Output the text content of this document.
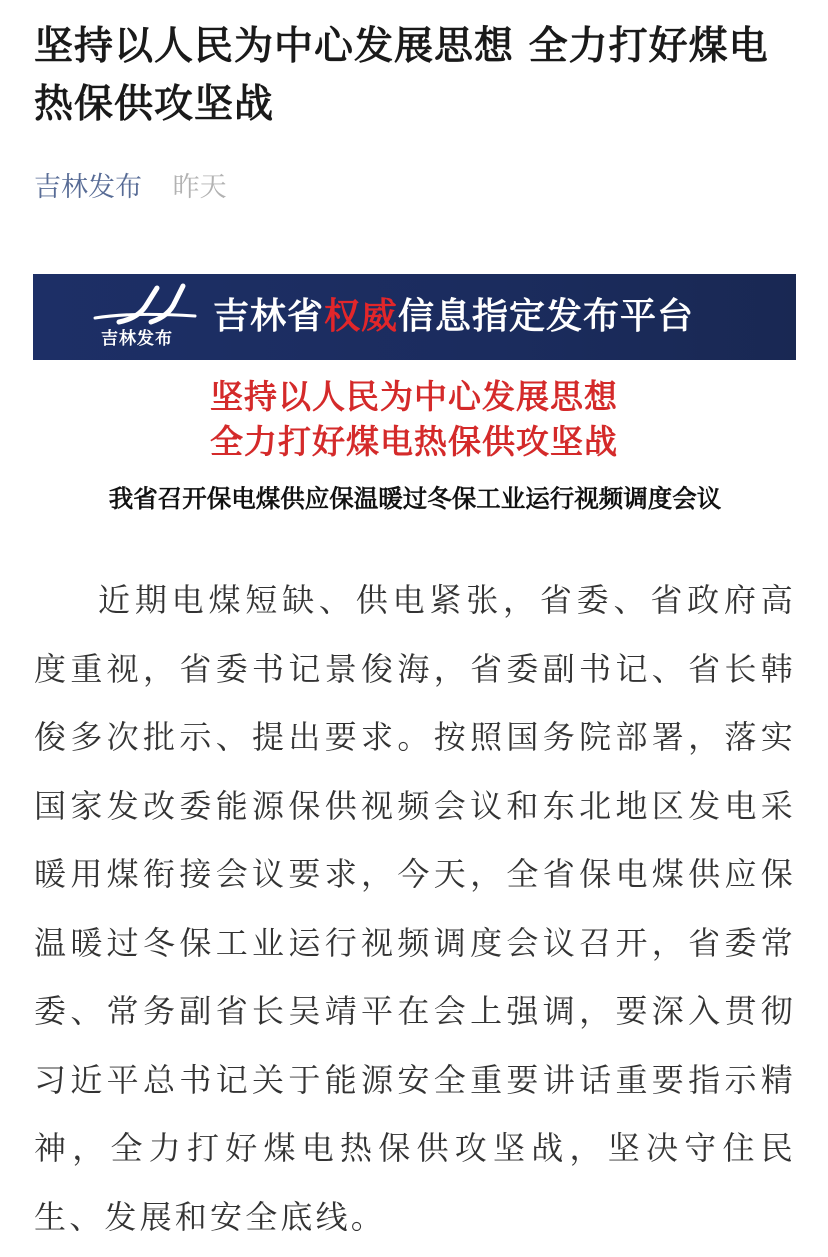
坚持以人民为中心发展思想 全力打好煤电热保供攻坚战
吉林发布 昨天
吉林发布
吉林省权威信息指定发布平台
坚持以人民为中心发展思想
全力打好煤电热保供攻坚战
我省召开保电煤供应保温暖过冬保工业运行视频调度会议

近期电煤短缺、供电紧张，省委、省政府高度重视，省委书记景俊海，省委副书记、省长韩俊多次批示、提出要求。按照国务院部署，落实国家发改委能源保供视频会议和东北地区发电采暖用煤衔接会议要求，今天，全省保电煤供应保温暖过冬保工业运行视频调度会议召开，省委常委、常务副省长吴靖平在会上强调，要深入贯彻习近平总书记关于能源安全重要讲话重要指示精神，全力打好煤电热保供攻坚战，坚决守住民生、发展和安全底线。
